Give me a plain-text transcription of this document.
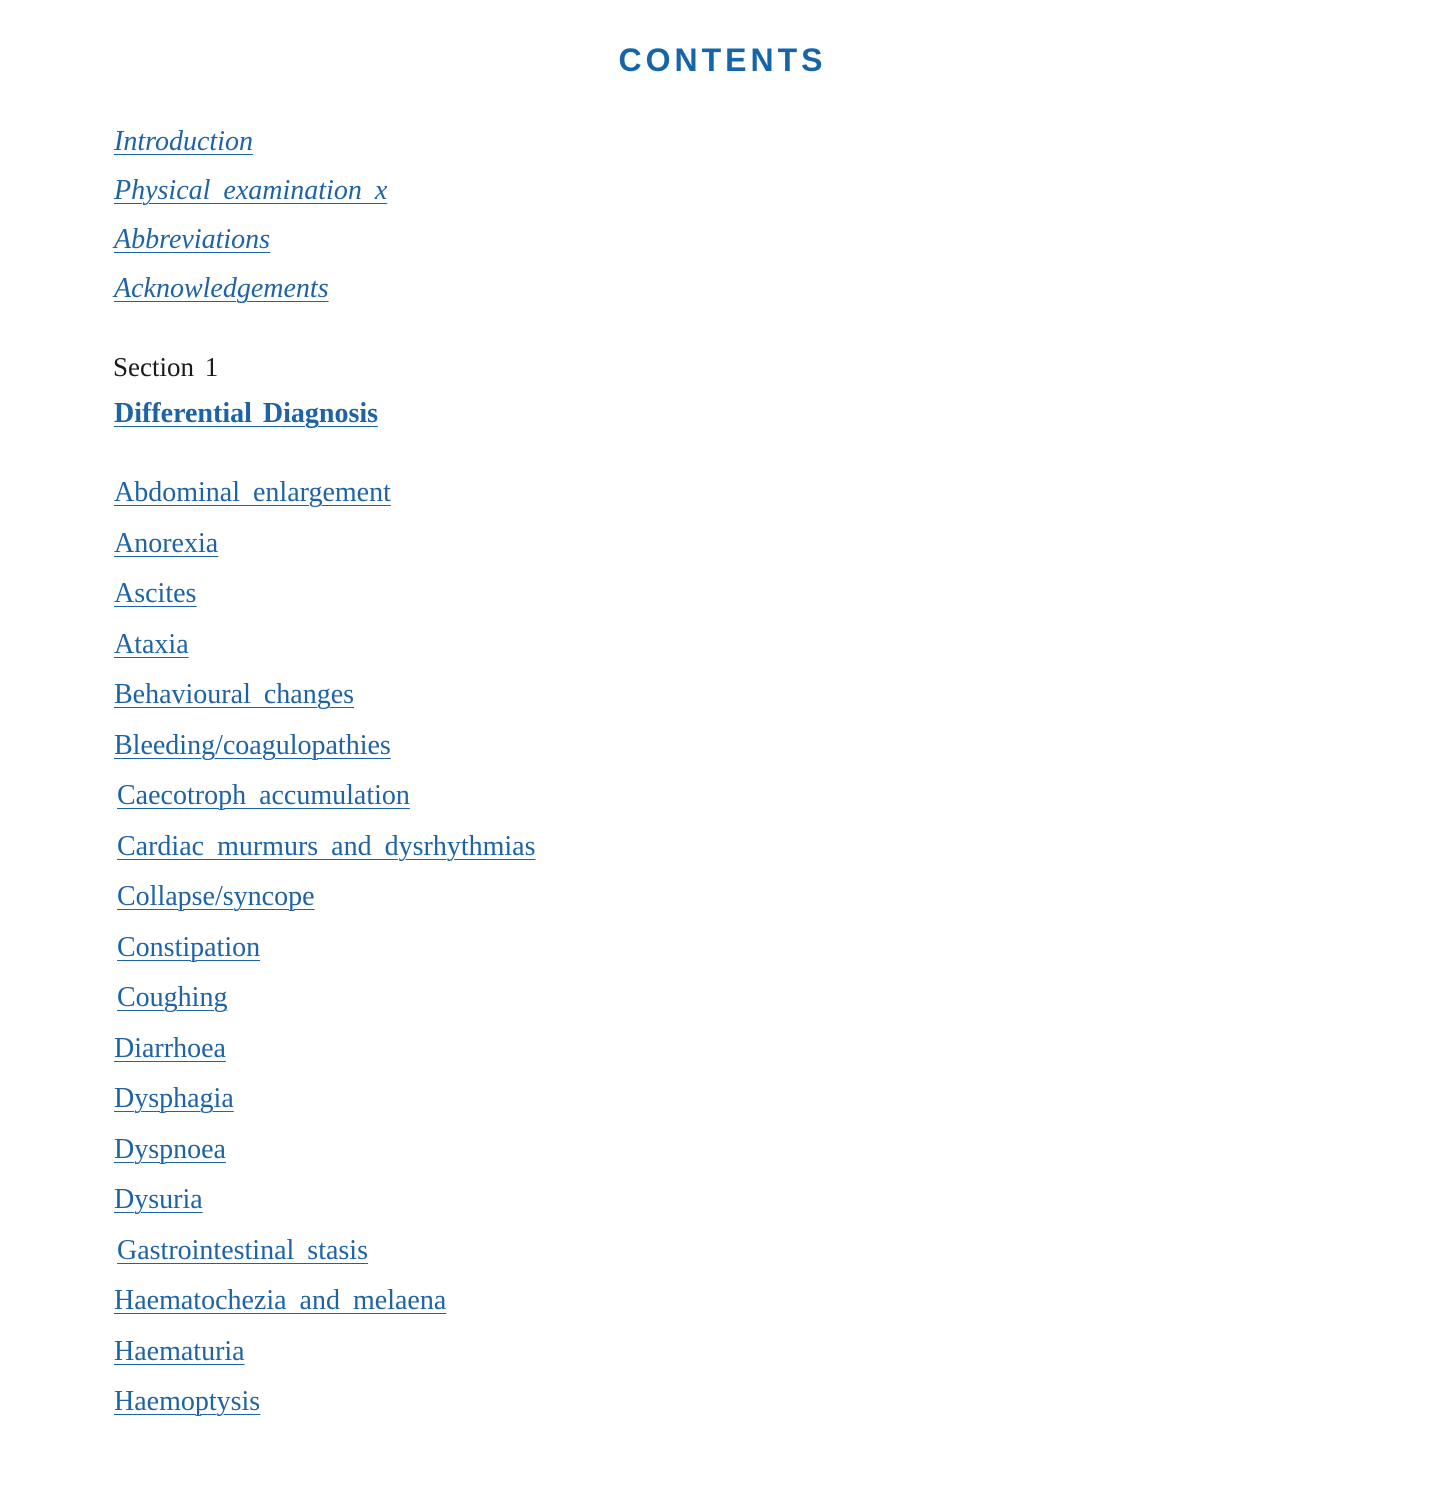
CONTENTS
Introduction
Physical examination x
Abbreviations
Acknowledgements

Section 1

Differential Diagnosis
Abdominal enlargement
Anorexia
Ascites
Ataxia
Behavioural changes
Bleeding/coagulopathies
Caecotroph accumulation
Cardiac murmurs and dysrhythmias
Collapse/syncope
Constipation
Coughing
Diarrhoea
Dysphagia
Dyspnoea
Dysuria
Gastrointestinal stasis
Haematochezia and melaena
Haematuria
Haemoptysis
